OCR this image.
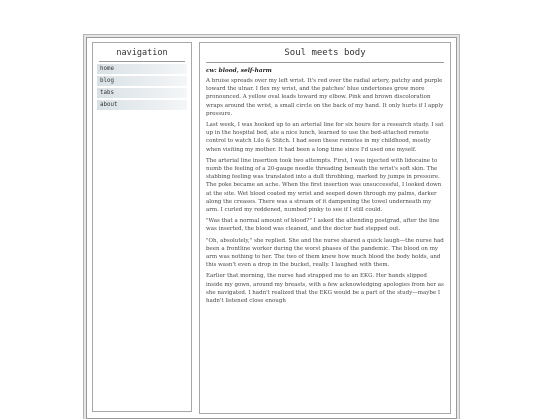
navigation
home
blog
tabs
about
Soul meets body
cw: blood, self-harm

A bruise spreads over my left wrist. It's red over the radial artery, patchy and purple toward the ulnar. I flex my wrist, and the patches' blue undertones grow more pronounced. A yellow oval leads toward my elbow. Pink and brown discoloration wraps around the wrist, a small circle on the back of my hand. It only hurts if I apply pressure.

Last week, I was hooked up to an arterial line for six hours for a research study. I sat up in the hospital bed, ate a nice lunch, learned to use the bed-attached remote control to watch Lilo & Stitch. I had seen these remotes in my childhood, mostly when visiting my mother. It had been a long time since I'd used one myself.

The arterial line insertion took two attempts. First, I was injected with lidocaine to numb the feeling of a 20-gauge needle threading beneath the wrist's soft skin. The stabbing feeling was translated into a dull throbbing, marked by jumps in pressure. The poke became an ache. When the first insertion was unsuccessful, I looked down at the site. Wet blood coated my wrist and seeped down through my palms, darker along the creases. There was a stream of it dampening the towel underneath my arm. I curled my reddened, numbed pinky to see if I still could.

"Was that a normal amount of blood?" I asked the attending postgrad, after the line was inserted, the blood was cleaned, and the doctor had stepped out.

"Oh, absolutely," she replied. She and the nurse shared a quick laugh—the nurse had been a frontline worker during the worst phases of the pandemic. The blood on my arm was nothing to her. The two of them knew how much blood the body holds, and this wasn't even a drop in the bucket, really. I laughed with them.

Earlier that morning, the nurse had strapped me to an EKG. Her hands slipped inside my gown, around my breasts, with a few acknowledging apologies from her as she navigated. I hadn't realized that the EKG would be a part of the study—maybe I hadn't listened close enough
